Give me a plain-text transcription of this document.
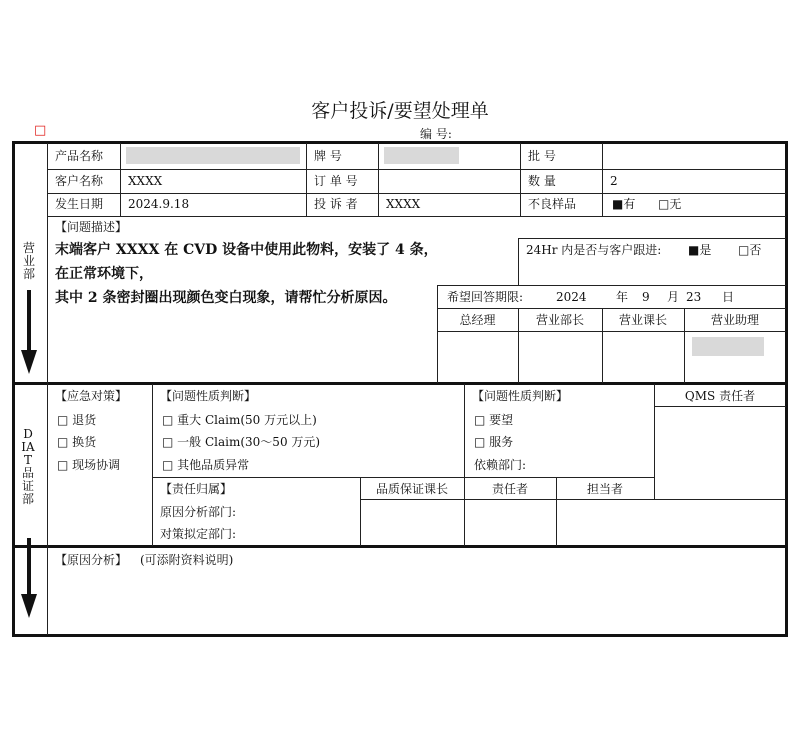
客户投诉/要望处理单
编 号:
□
产品名称	牌 号	批 号
客户名称 XXXX	订 单 号	数 量	2
发生日期 2024.9.18	投 诉 者 XXXX	不良样品	■有 □无
营业部
【问题描述】
末端客户 XXXX 在 CVD 设备中使用此物料，安装了 4 条，
在正常环境下，
其中 2 条密封圈出现颜色变白现象，请帮忙分析原因。
24Hr 内是否与客户跟进: ■是 □否
希望回答期限:	2024 年 9 月 23 日
总经理	营业部长	营业课长	营业助理
DIAT品证部
【应急对策】
□ 退货
□ 换货
□ 现场协调
【问题性质判断】
□ 重大 Claim(50 万元以上)
□ 一般 Claim(30～50 万元)
□ 其他品质异常
【问题性质判断】
□ 要望
□ 服务
依赖部门:
QMS 责任者
【责任归属】
原因分析部门:
对策拟定部门:
品质保证课长	责任者	担当者
【原因分析】 (可添附资料说明)
